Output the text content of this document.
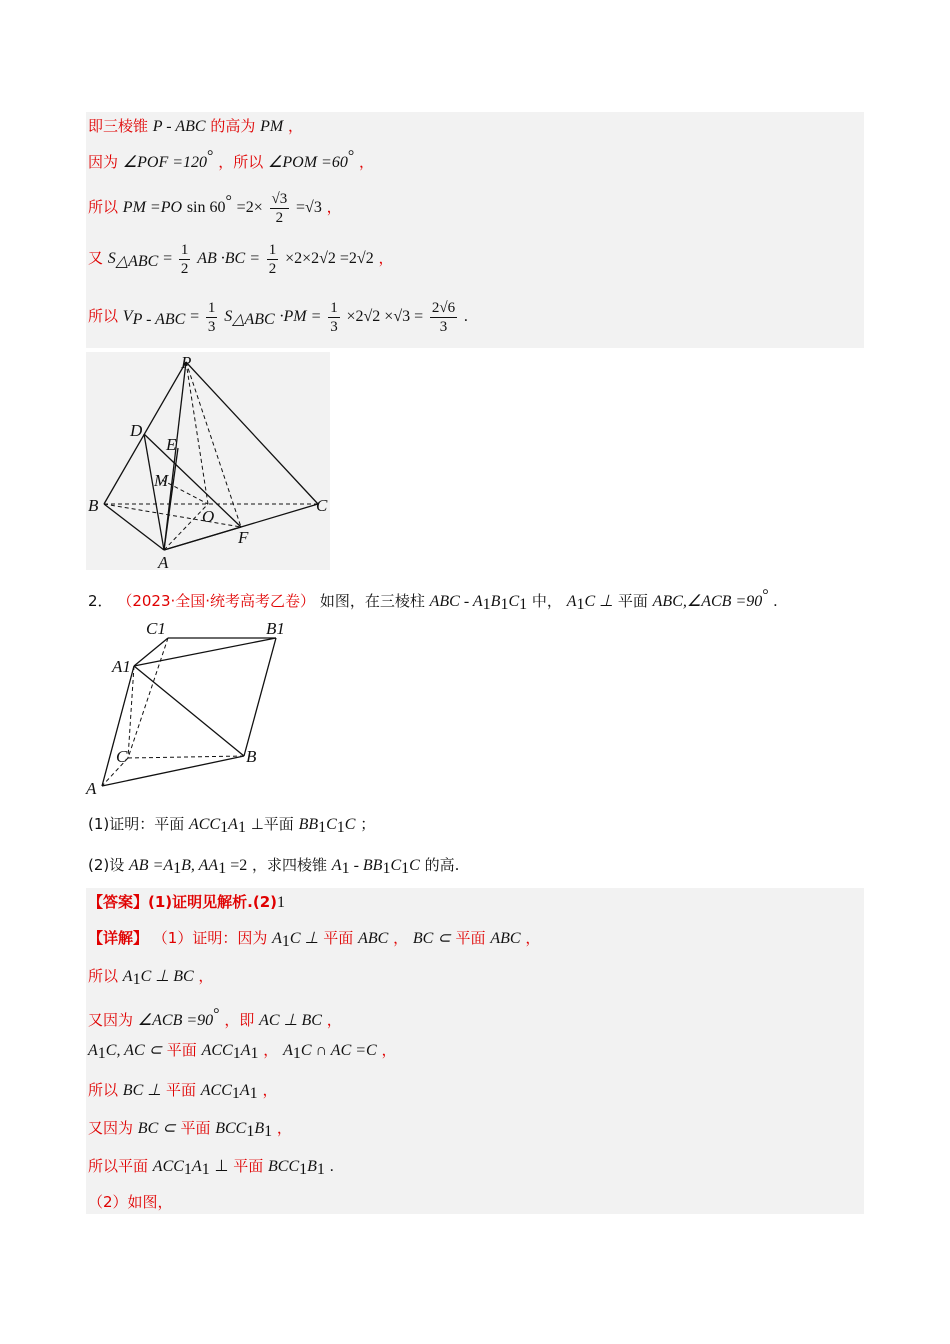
即三棱锥 P - ABC 的高为 PM ，
因为 ∠POF =120° ，所以 ∠POM =60° ，
所以 PM =PO $\sin 60^\circ =2\times \frac{√3}{2} =√3$ ，
又 $S_{\triangle ABC} = \frac{1}{2}$ AB $\cdot BC = \frac{1}{2} \times 2\times 2√2 =2√2$ ，
所以 $V_{P - ABC} = \frac{1}{3} S_{\triangle ABC} \cdot PM = \frac{1}{3} \times 2√2 \times√3 = \frac{2√6}{3}$ .
P
D
E
M
B
O
C
F
A
2． （2023·全国·统考高考乙卷） 如图，在三棱柱 ABC - $A_1B_1C_1$ 中， $A_1C$ ⊥ 平面 ABC,∠ACB =90° .
C1	B1
A1
C	B
A
(1)证明：平面 $ACC_1A_1$ ⊥平面 $BB_1C_1C$ ；
(2)设 AB $=A_1B$, $AA_1 =2$ ，求四棱锥 $A_1 - BB_1C_1C$ 的高.
【答案】(1)证明见解析.(2)1
【详解】 （1）证明：因为 $A_1C$ ⊥ 平面 ABC ， BC ⊂ 平面 ABC ，
所以 $A_1C$ ⊥ BC ，
又因为 ∠ACB =90° ，即 AC ⊥ BC ，
$A_1C$, AC ⊂ 平面 $ACC_1A_1$ ， $A_1C$ ∩ AC =C ，
所以 BC ⊥ 平面 $ACC_1A_1$ ，
又因为 BC ⊂ 平面 $BCC_1B_1$ ，
所以平面 $ACC_1A_1$ ⊥ 平面 $BCC_1B_1$ .
（2）如图，
